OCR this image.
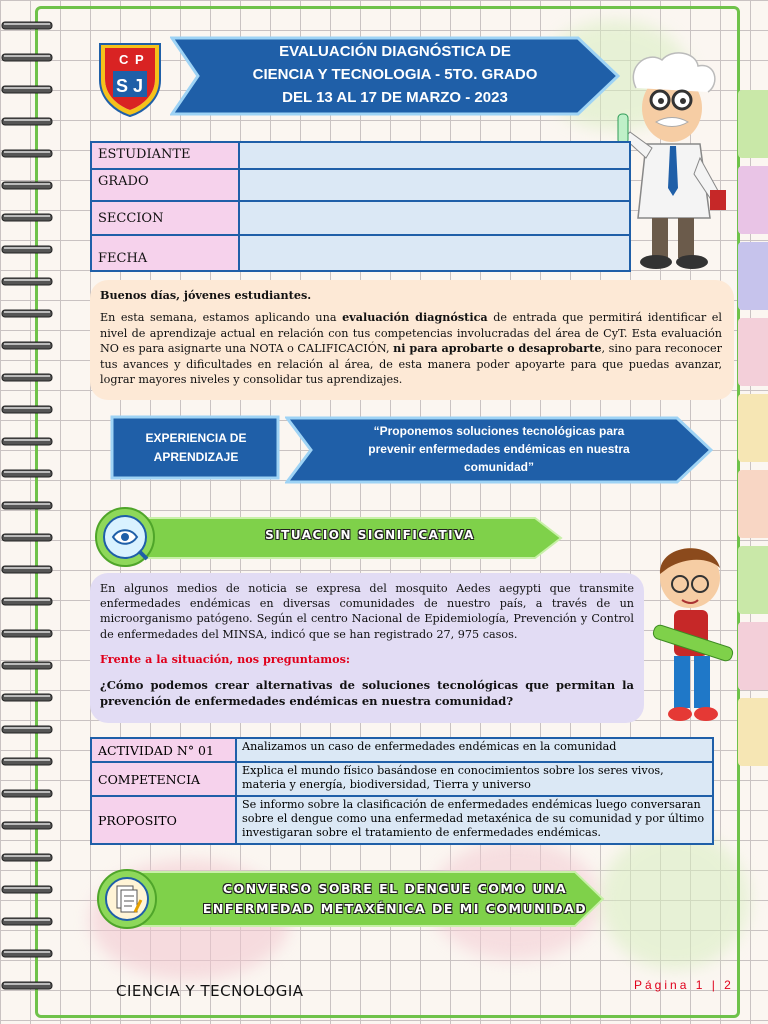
C P
S J
EVALUACIÓN DIAGNÓSTICA DE
CIENCIA Y TECNOLOGIA - 5TO. GRADO
DEL 13 AL 17 DE MARZO - 2023
ESTUDIANTE	
GRADO	
SECCION	
FECHA	

Buenos días, jóvenes estudiantes.

En esta semana, estamos aplicando una evaluación diagnóstica de entrada que permitirá identificar el nivel de aprendizaje actual en relación con tus competencias involucradas del área de CyT. Esta evaluación NO es para asignarte una NOTA o CALIFICACIÓN, ni para aprobarte o desaprobarte, sino para reconocer tus avances y dificultades en relación al área, de esta manera poder apoyarte para que puedas avanzar, lograr mayores niveles y consolidar tus aprendizajes.

EXPERIENCIA DE
APRENDIZAJE
“Proponemos soluciones tecnológicas para
prevenir enfermedades endémicas en nuestra
comunidad”
SITUACION SIGNIFICATIVA

En algunos medios de noticia se expresa del mosquito Aedes aegypti que transmite enfermedades endémicas en diversas comunidades de nuestro país, a través de un microorganismo patógeno. Según el centro Nacional de Epidemiología, Prevención y Control de enfermedades del MINSA, indicó que se han registrado 27, 975 casos.

Frente a la situación, nos preguntamos:

¿Cómo podemos crear alternativas de soluciones tecnológicas que permitan la prevención de enfermedades endémicas en nuestra comunidad?

ACTIVIDAD N° 01	Analizamos un caso de enfermedades endémicas en la comunidad
COMPETENCIA	Explica el mundo físico basándose en conocimientos sobre los seres vivos, materia y energía, biodiversidad, Tierra y universo
PROPOSITO	Se informo sobre la clasificación de enfermedades endémicas luego conversaran sobre el dengue como una enfermedad metaxénica de su comunidad y por último investigaran sobre el tratamiento de enfermedades endémicas.
CONVERSO SOBRE EL DENGUE COMO UNA
ENFERMEDAD METAXÉNICA DE MI COMUNIDAD
CIENCIA Y TECNOLOGIA	Página 1 | 2
